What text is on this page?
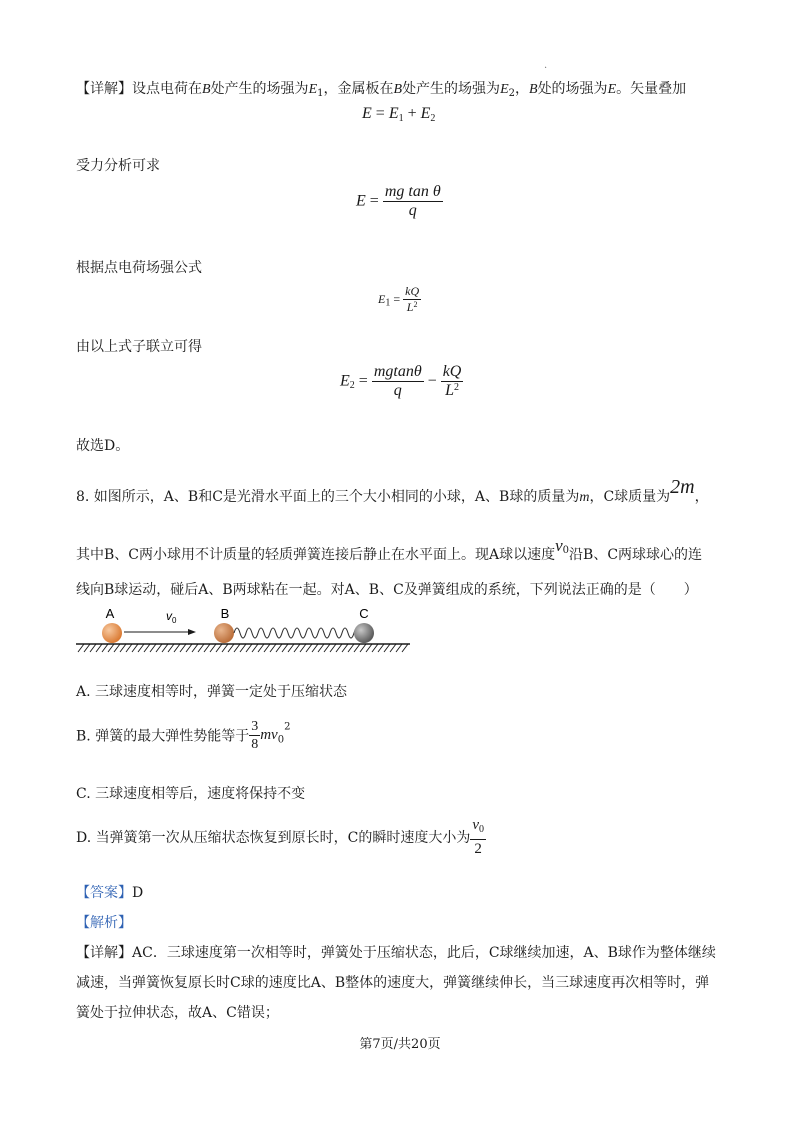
.
【详解】设点电荷在B处产生的场强为$E_1$，金属板在B处产生的场强为$E_2$，B处的场强为E。矢量叠加
$E = E_1 + E_2$
受力分析可求
$E = \frac{\text{mg tan θ}}{q}$
根据点电荷场强公式
$E_1 = \frac{kQ}{L^2}$
由以上式子联立可得
$E_2 = \frac{mgtan\theta}{q} - \frac{kQ}{L^2}$
故选D。
8. 如图所示，A、B和C是光滑水平面上的三个大小相同的小球，A、B球的质量为m，C球质量为2m，
其中B、C两小球用不计质量的轻质弹簧连接后静止在水平面上。现A球以速度$v^0$沿B、C两球球心的连
线向B球运动，碰后A、B两球粘在一起。对A、B、C及弹簧组成的系统，下列说法正确的是（　　）
A	B	C
$v_0$
A. 三球速度相等时，弹簧一定处于压缩状态
B. 弹簧的最大弹性势能等于 $\frac{3}{8} mv_0^2$
C. 三球速度相等后，速度将保持不变
D. 当弹簧第一次从压缩状态恢复到原长时，C的瞬时速度大小为 $\frac{v_0}{2}$
【答案】D
【解析】
【详解】AC．三球速度第一次相等时，弹簧处于压缩状态，此后，C球继续加速，A、B球作为整体继续
减速，当弹簧恢复原长时C球的速度比A、B整体的速度大，弹簧继续伸长，当三球速度再次相等时，弹
簧处于拉伸状态，故A、C错误；
第7页/共20页
